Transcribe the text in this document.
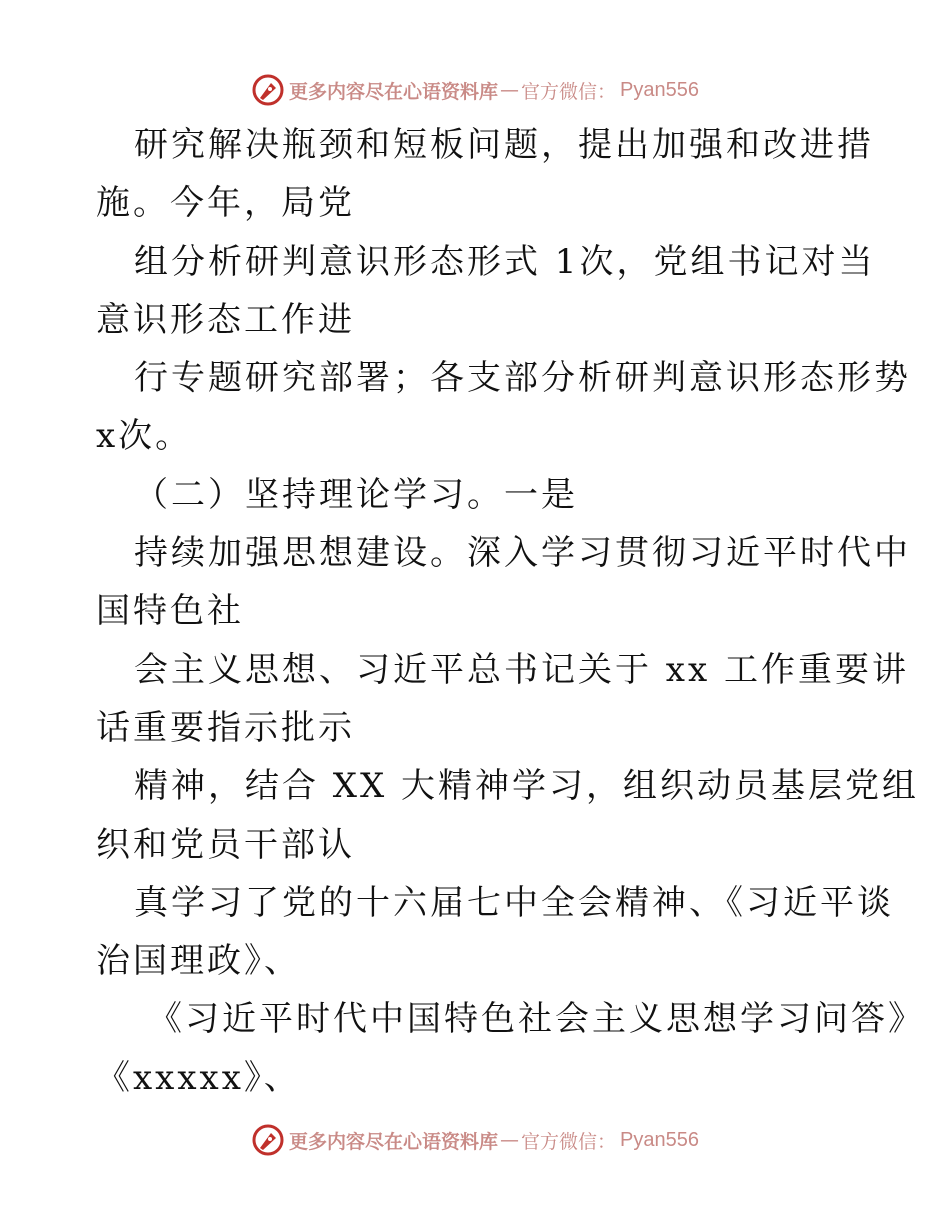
更多内容尽在心语资料库 — 官方微信： Pyan556
研究解决瓶颈和短板问题，提出加强和改进措
施。今年，局党
组分析研判意识形态形式 1次，党组书记对当
意识形态工作进
行专题研究部署；各支部分析研判意识形态形势
x次。
（二）坚持理论学习。一是
持续加强思想建设。深入学习贯彻习近平时代中
国特色社
会主义思想、习近平总书记关于 xx 工作重要讲
话重要指示批示
精神，结合 XX 大精神学习，组织动员基层党组
织和党员干部认
真学习了党的十六届七中全会精神、《习近平谈
治国理政》、
《习近平时代中国特色社会主义思想学习问答》
《xxxxx》、
更多内容尽在心语资料库 — 官方微信： Pyan556
